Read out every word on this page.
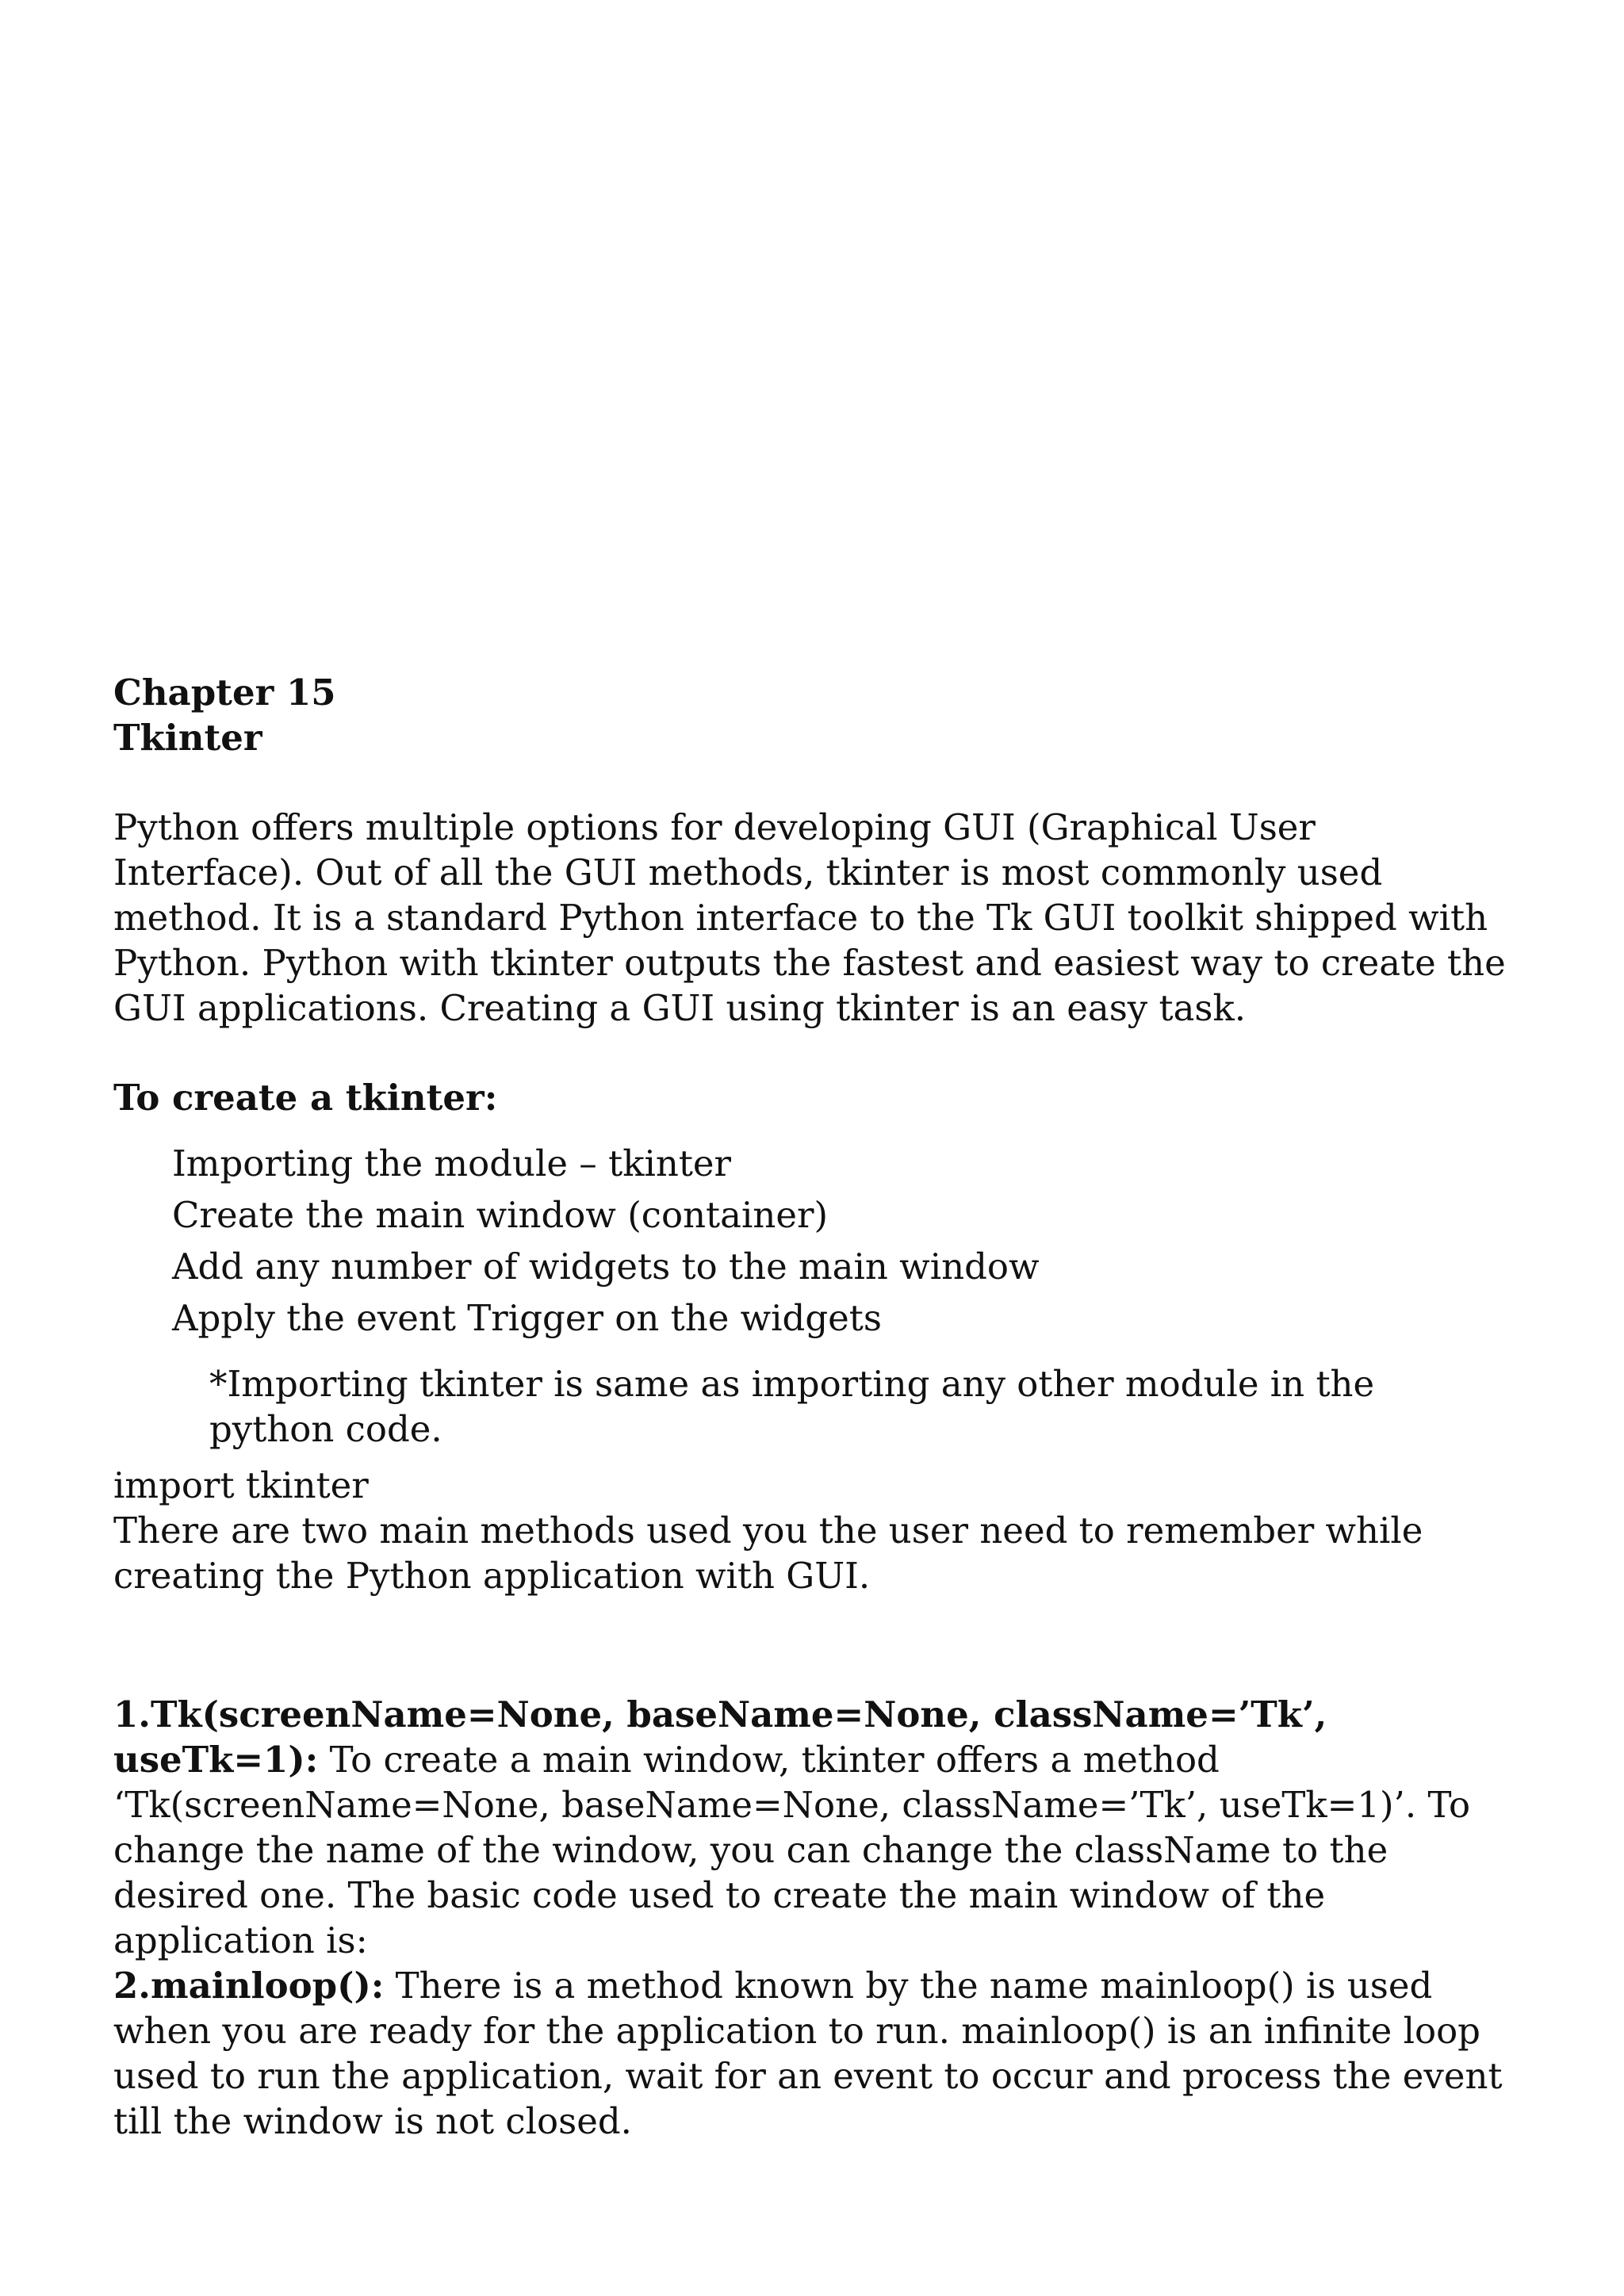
Chapter 15

Tkinter

Python offers multiple options for developing GUI (Graphical User Interface). Out of all the GUI methods, tkinter is most commonly used method. It is a standard Python interface to the Tk GUI toolkit shipped with Python. Python with tkinter outputs the fastest and easiest way to create the GUI applications. Creating a GUI using tkinter is an easy task.

To create a tkinter:

Importing the module – tkinter
Create the main window (container)
Add any number of widgets to the main window
Apply the event Trigger on the widgets

*Importing tkinter is same as importing any other module in the python code.

import tkinter

There are two main methods used you the user need to remember while creating the Python application with GUI.

1.Tk(screenName=None, baseName=None, className=’Tk’, useTk=1): To create a main window, tkinter offers a method ‘Tk(screenName=None, baseName=None, className=’Tk’, useTk=1)’. To change the name of the window, you can change the className to the desired one. The basic code used to create the main window of the application is:

2.mainloop(): There is a method known by the name mainloop() is used when you are ready for the application to run. mainloop() is an infinite loop used to run the application, wait for an event to occur and process the event till the window is not closed.
